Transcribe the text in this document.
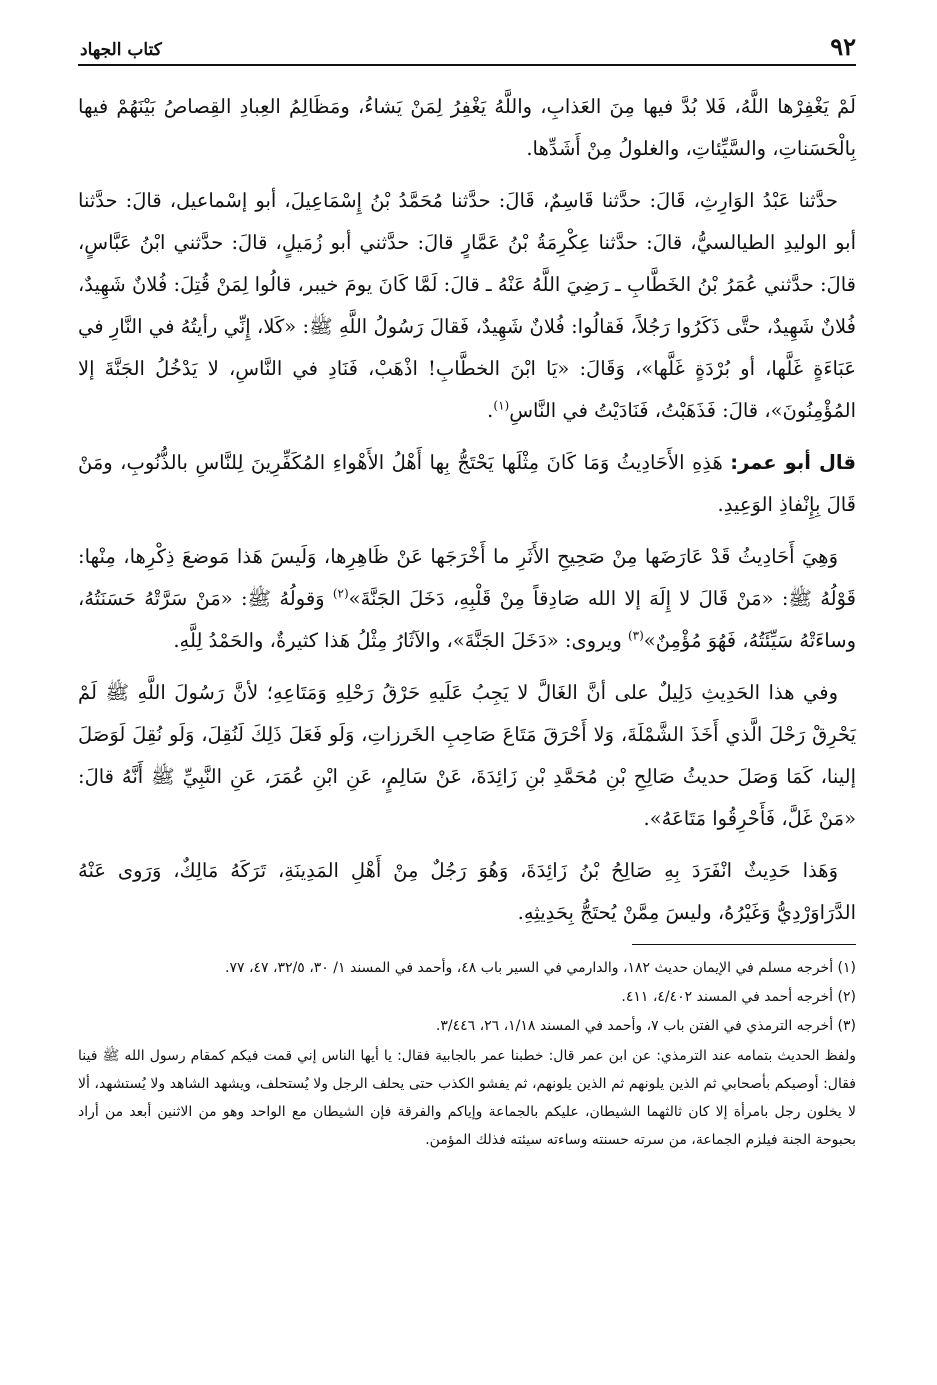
٩٢
كتاب الجهاد

لَمْ يَغْفِرْها اللَّهُ، فَلا بُدَّ فيها مِنَ العَذابِ، واللَّهُ يَغْفِرُ لِمَنْ يَشاءُ، ومَظَالِمُ العِبادِ القِصاصُ بَيْنَهُمْ فيها بِالْحَسَناتِ، والسَّيِّئاتِ، والغلولُ مِنْ أَشَدِّها.

حدَّثنا عَبْدُ الوَارِثِ، قَالَ: حدَّثنا قَاسِمٌ، قَالَ: حدَّثنا مُحَمَّدُ بْنُ إِسْمَاعِيلَ، أبو إسْماعيل، قالَ: حدَّثنا أبو الوليدِ الطيالسيُّ، قالَ: حدَّثنا عِكْرِمَةُ بْنُ عَمَّارٍ قالَ: حدَّثني أبو زُمَيلٍ، قالَ: حدَّثني ابْنُ عَبَّاسٍ، قالَ: حدَّثني عُمَرُ بْنُ الخَطَّابِ ـ رَضِيَ اللَّهُ عَنْهُ ـ قالَ: لَمَّا كَانَ يومَ خيبر، قالُوا لِمَنْ قُتِلَ: فُلانٌ شَهِيدٌ، فُلانٌ شَهِيدٌ، حتَّى ذَكَرُوا رَجُلاً، فَقالُوا: فُلانٌ شَهِيدٌ، فَقالَ رَسُولُ اللَّهِ ﷺ: «كَلا، إِنِّي رأيتُهُ في النَّارِ في عَبَاءَةٍ غَلَّها، أو بُرْدَةٍ غَلَّها»، وَقَالَ: «يَا ابْنَ الخطَّابِ! اذْهَبْ، فَنَادِ في النَّاسِ، لا يَدْخُلُ الجَنَّةَ إلا المُؤْمِنُونَ»، قالَ: فَذَهَبْتُ، فَنَادَيْتُ في النَّاسِ$^{(١)}$.

قال أبو عمر: هَذِهِ الأَحَادِيثُ وَمَا كَانَ مِثْلَها يَحْتَجُّ بِها أَهْلُ الأَهْواءِ المُكَفِّرِينَ لِلنَّاسِ بالذُّنُوبِ، ومَنْ قَالَ بِإِنْفاذِ الوَعِيدِ.

وَهِيَ أَحَادِيثُ قَدْ عَارَضَها مِنْ صَحِيحِ الأَثَرِ ما أَخْرَجَها عَنْ ظَاهِرِها، وَلَيسَ هَذا مَوضعَ ذِكْرِها، مِنْها: قَوْلُهُ ﷺ: «مَنْ قَالَ لا إِلَهَ إلا الله صَادِقاً مِنْ قَلْبِهِ، دَخَلَ الجَنَّةَ»$^{(٢)}$ وَقولُهُ ﷺ: «مَنْ سَرَّتْهُ حَسَنَتُهُ، وساءَتْهُ سَيِّئَتُهُ، فَهُوَ مُؤْمِنٌ»$^{(٣)}$ ويروى: «دَخَلَ الجَنَّةَ»، والآثَارُ مِثْلُ هَذا كثيرةٌ، والحَمْدُ لِلَّهِ.

وفي هذا الحَدِيثِ دَلِيلٌ على أنَّ الغَالَّ لا يَجِبُ عَلَيهِ حَرْقُ رَحْلِهِ وَمَتَاعِهِ؛ لأنَّ رَسُولَ اللَّهِ ﷺ لَمْ يَحْرِقْ رَحْلَ الَّذي أَخَذَ الشَّمْلَةَ، وَلا أَحْرَقَ مَتَاعَ صَاحِبِ الخَرزاتِ، وَلَو فَعَلَ ذَلِكَ لَنُقِلَ، وَلَو نُقِلَ لَوَصَلَ إلينا، كَمَا وَصَلَ حديثُ صَالِحِ بْنِ مُحَمَّدِ بْنِ زَائِدَةَ، عَنْ سَالِمٍ، عَنِ ابْنِ عُمَرَ، عَنِ النَّبِيِّ ﷺ أَنَّهُ قالَ: «مَنْ غَلَّ، فَأَحْرِقُوا مَتَاعَهُ».

وَهَذا حَدِيثٌ انْفَرَدَ بِهِ صَالِحُ بْنُ زَائِدَةَ، وَهُوَ رَجُلٌ مِنْ أَهْلِ المَدِينَةِ، تَرَكَهُ مَالِكٌ، وَرَوى عَنْهُ الدَّرَاوَرْدِيُّ وَغَيْرُهُ، وليسَ مِمَّنْ يُحتَجُّ بِحَدِيثِهِ.

(١) أخرجه مسلم في الإيمان حديث ١٨٢، والدارمي في السير باب ٤٨، وأحمد في المسند ١/ ٣٠، ٣٢/٥، ٤٧، ٧٧.

(٢) أخرجه أحمد في المسند ٤/٤٠٢، ٤١١.

(٣) أخرجه الترمذي في الفتن باب ٧، وأحمد في المسند ١/١٨، ٢٦، ٣/٤٤٦.

ولفظ الحديث بتمامه عند الترمذي: عن ابن عمر قال: خطبنا عمر بالجابية فقال: يا أيها الناس إني قمت فيكم كمقام رسول الله ﷺ فينا فقال: أوصيكم بأصحابي ثم الذين يلونهم ثم الذين يلونهم، ثم يفشو الكذب حتى يحلف الرجل ولا يُستحلف، ويشهد الشاهد ولا يُستشهد، ألا لا يخلون رجل بامرأة إلا كان ثالثهما الشيطان، عليكم بالجماعة وإياكم والفرقة فإن الشيطان مع الواحد وهو من الاثنين أبعد من أراد بحبوحة الجنة فيلزم الجماعة، من سرته حسنته وساءته سيئته فذلك المؤمن.
